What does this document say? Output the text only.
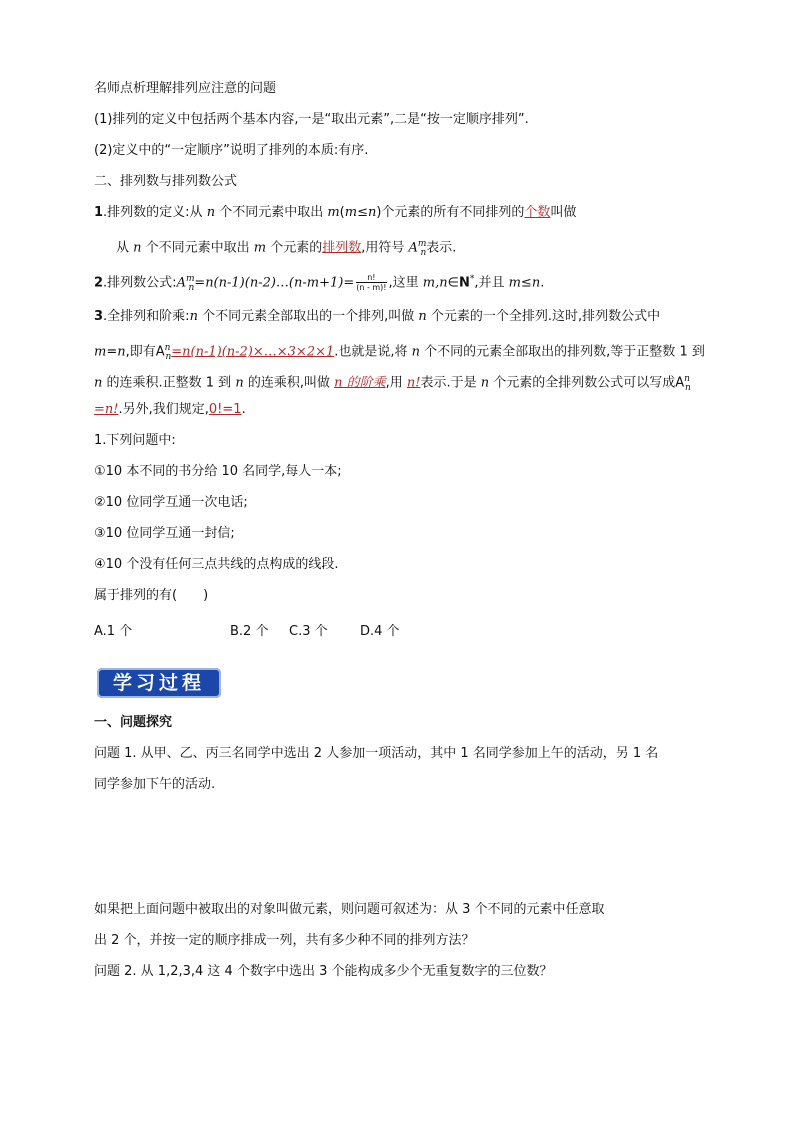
名师点析理解排列应注意的问题
(1)排列的定义中包括两个基本内容,一是“取出元素”,二是“按一定顺序排列”.
(2)定义中的“一定顺序”说明了排列的本质:有序.
二、排列数与排列数公式
1.排列数的定义:从 n 个不同元素中取出 m(m≤n)个元素的所有不同排列的个数叫做
从 n 个不同元素中取出 m 个元素的排列数,用符号 $A^m_n$表示.
2.排列数公式$:A^m_n=n(n-1)(n-2)\dots(n-m+1)= \frac{n!}{(n - m)!}$ ,这里 m,n∈N*,并且 m≤n.
3.全排列和阶乘:n 个不同元素全部取出的一个排列,叫做 n 个元素的一个全排列.这时,排列数公式中
m=n,即有$A^n_n=n(n-1)(n-2)\times\dots\times 3\times 2\times 1$.也就是说,将 n 个不同的元素全部取出的排列数,等于正整数 1 到
n 的连乘积.正整数 1 到 n 的连乘积,叫做 n 的阶乘,用 n!表示.于是 n 个元素的全排列数公式可以写成$A^n_n$
=n!.另外,我们规定,0!=1.
1.下列问题中:
①10 本不同的书分给 10 名同学,每人一本;
②10 位同学互通一次电话;
③10 位同学互通一封信;
④10 个没有任何三点共线的点构成的线段.
属于排列的有(　　)
A.1 个	B.2 个 C.3 个 D.4 个
学习过程
一、问题探究
问题 1. 从甲、乙、丙三名同学中选出 2 人参加一项活动，其中 1 名同学参加上午的活动，另 1 名
同学参加下午的活动.
如果把上面问题中被取出的对象叫做元素，则问题可叙述为：从 3 个不同的元素中任意取
出 2 个，并按一定的顺序排成一列，共有多少种不同的排列方法？
问题 2. 从 1,2,3,4 这 4 个数字中选出 3 个能构成多少个无重复数字的三位数？
